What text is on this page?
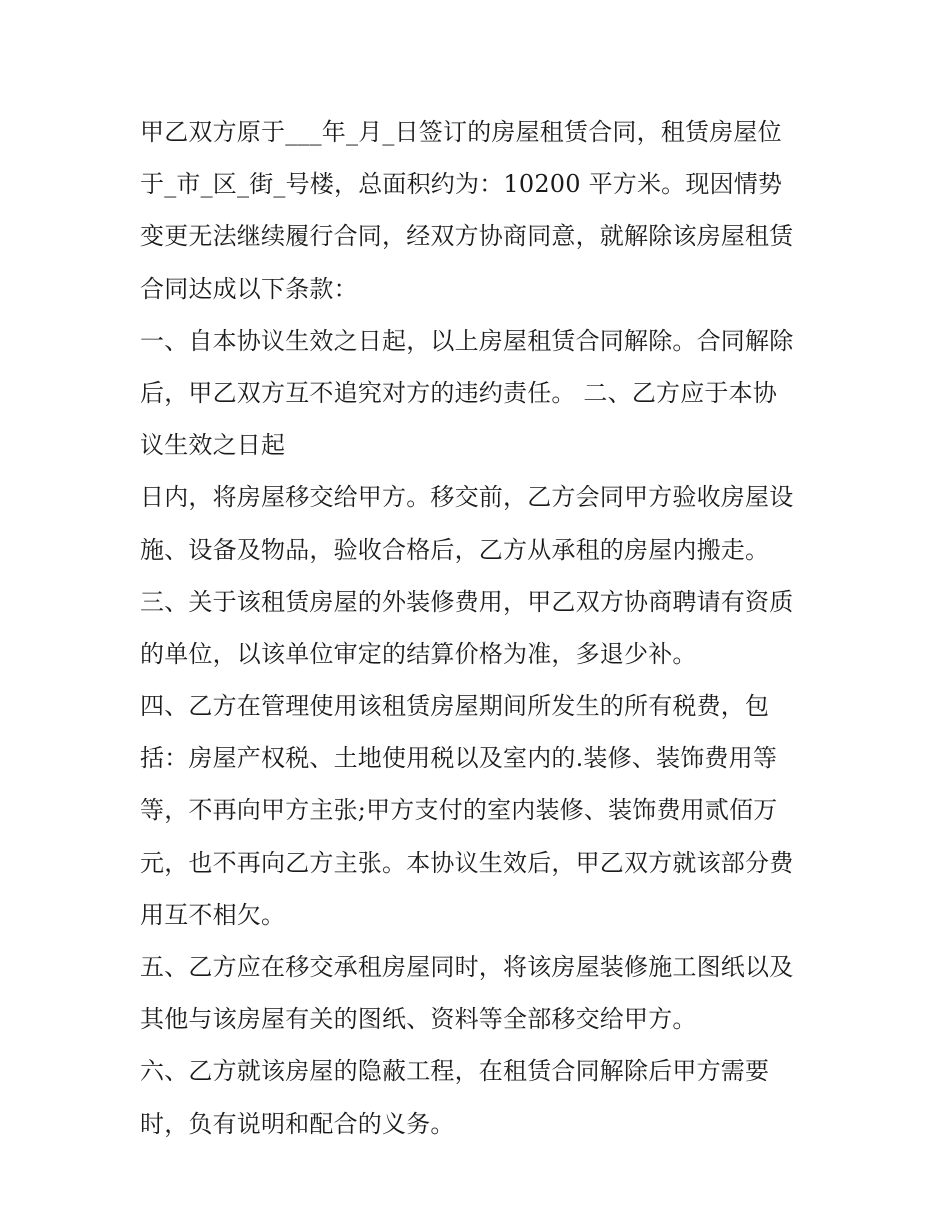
甲乙双方原于___年_月_日签订的房屋租赁合同，租赁房屋位
于_市_区_街_号楼，总面积约为：10200 平方米。现因情势
变更无法继续履行合同，经双方协商同意，就解除该房屋租赁
合同达成以下条款：
一、自本协议生效之日起，以上房屋租赁合同解除。合同解除
后，甲乙双方互不追究对方的违约责任。 二、乙方应于本协
议生效之日起
日内，将房屋移交给甲方。移交前，乙方会同甲方验收房屋设
施、设备及物品，验收合格后，乙方从承租的房屋内搬走。
三、关于该租赁房屋的外装修费用，甲乙双方协商聘请有资质
的单位，以该单位审定的结算价格为准，多退少补。
四、乙方在管理使用该租赁房屋期间所发生的所有税费，包
括：房屋产权税、土地使用税以及室内的.装修、装饰费用等
等，不再向甲方主张;甲方支付的室内装修、装饰费用贰佰万
元，也不再向乙方主张。本协议生效后，甲乙双方就该部分费
用互不相欠。
五、乙方应在移交承租房屋同时，将该房屋装修施工图纸以及
其他与该房屋有关的图纸、资料等全部移交给甲方。
六、乙方就该房屋的隐蔽工程，在租赁合同解除后甲方需要
时，负有说明和配合的义务。
